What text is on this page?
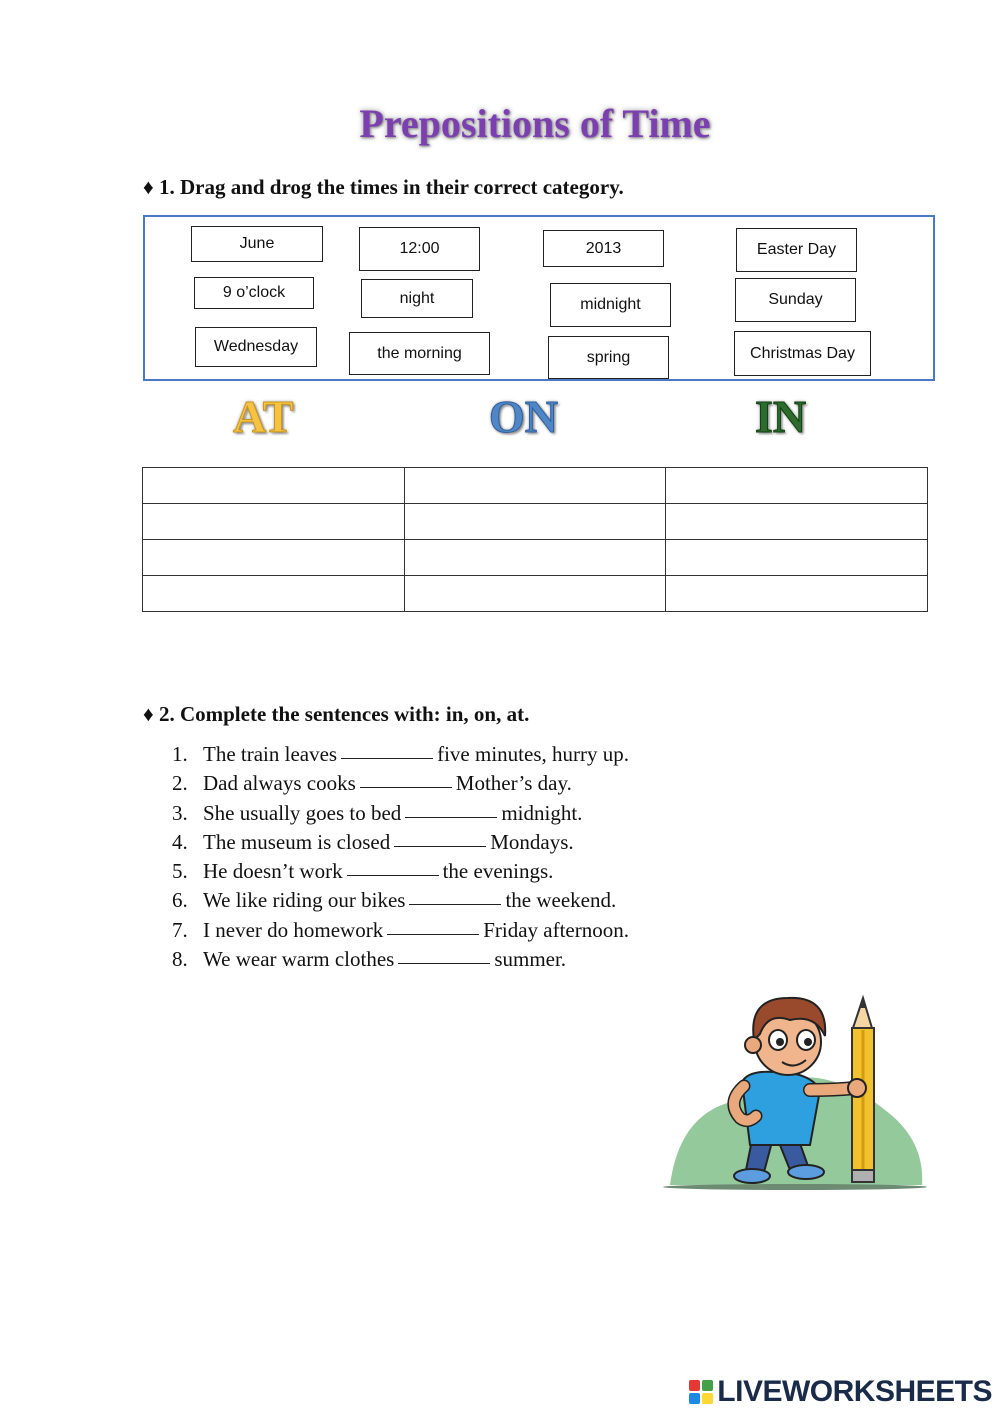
Prepositions of Time
♦ 1. Drag and drog the times in their correct category.
June	12:00	2013	Easter Day
9 o’clock	night	midnight	Sunday
Wednesday	the morning	spring	Christmas Day
AT	ON	IN

♦ 2. Complete the sentences with: in, on, at.
1. The train leaves	five minutes, hurry up.
2. Dad always cooks	Mother’s day.
3. She usually goes to bed	midnight.
4. The museum is closed	Mondays.
5. He doesn’t work	the evenings.
6. We like riding our bikes	the weekend.
7. I never do homework	Friday afternoon.
8. We wear warm clothes	summer.
LIVEWORKSHEETS
